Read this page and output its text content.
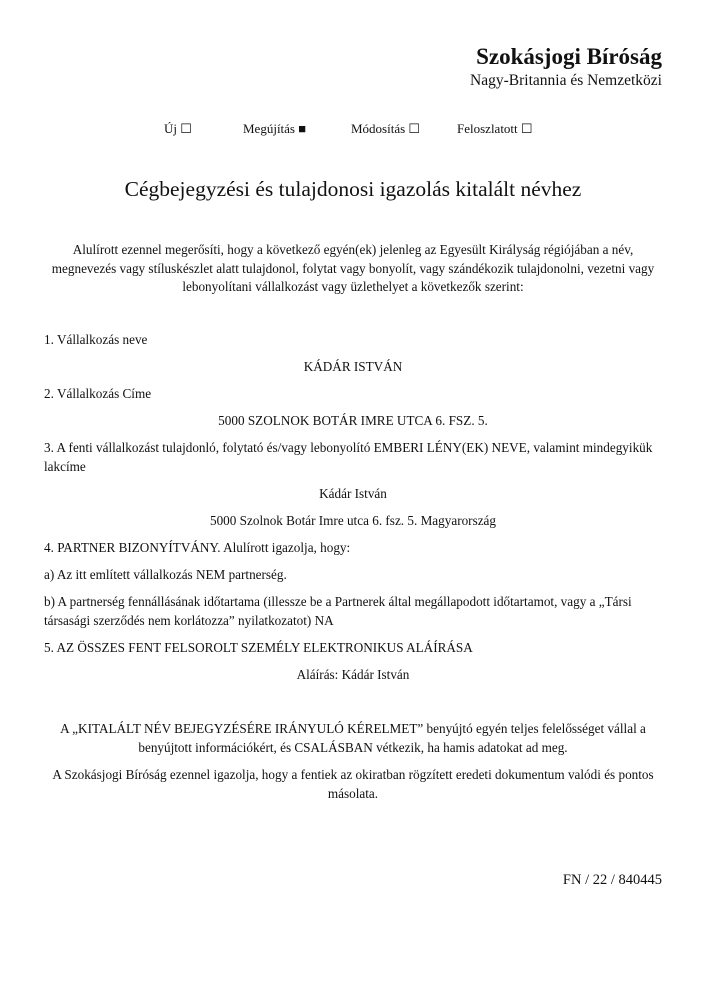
Szokásjogi Bíróság
Nagy-Britannia és Nemzetközi
Új ☐	Megújítás ■	Módosítás ☐	Feloszlatott ☐
Cégbejegyzési és tulajdonosi igazolás kitalált névhez
Alulírott ezennel megerősíti, hogy a következő egyén(ek) jelenleg az Egyesült Királyság régiójában a név, megnevezés vagy stíluskészlet alatt tulajdonol, folytat vagy bonyolít, vagy szándékozik tulajdonolni, vezetni vagy lebonyolítani vállalkozást vagy üzlethelyet a következők szerint:
1. Vállalkozás neve
KÁDÁR ISTVÁN
2. Vállalkozás Címe
5000 SZOLNOK BOTÁR IMRE UTCA 6. FSZ. 5.
3. A fenti vállalkozást tulajdonló, folytató és/vagy lebonyolító EMBERI LÉNY(EK) NEVE, valamint mindegyikük lakcíme
Kádár István
5000 Szolnok Botár Imre utca 6. fsz. 5. Magyarország
4. PARTNER BIZONYÍTVÁNY. Alulírott igazolja, hogy:
a) Az itt említett vállalkozás NEM partnerség.
b) A partnerség fennállásának időtartama (illessze be a Partnerek által megállapodott időtartamot, vagy a „Társi társasági szerződés nem korlátozza” nyilatkozatot) NA
5. AZ ÖSSZES FENT FELSOROLT SZEMÉLY ELEKTRONIKUS ALÁÍRÁSA
Aláírás: Kádár István
A „KITALÁLT NÉV BEJEGYZÉSÉRE IRÁNYULÓ KÉRELMET” benyújtó egyén teljes felelősséget vállal a benyújtott információkért, és CSALÁSBAN vétkezik, ha hamis adatokat ad meg.
A Szokásjogi Bíróság ezennel igazolja, hogy a fentiek az okiratban rögzített eredeti dokumentum valódi és pontos másolata.
FN / 22 / 840445
